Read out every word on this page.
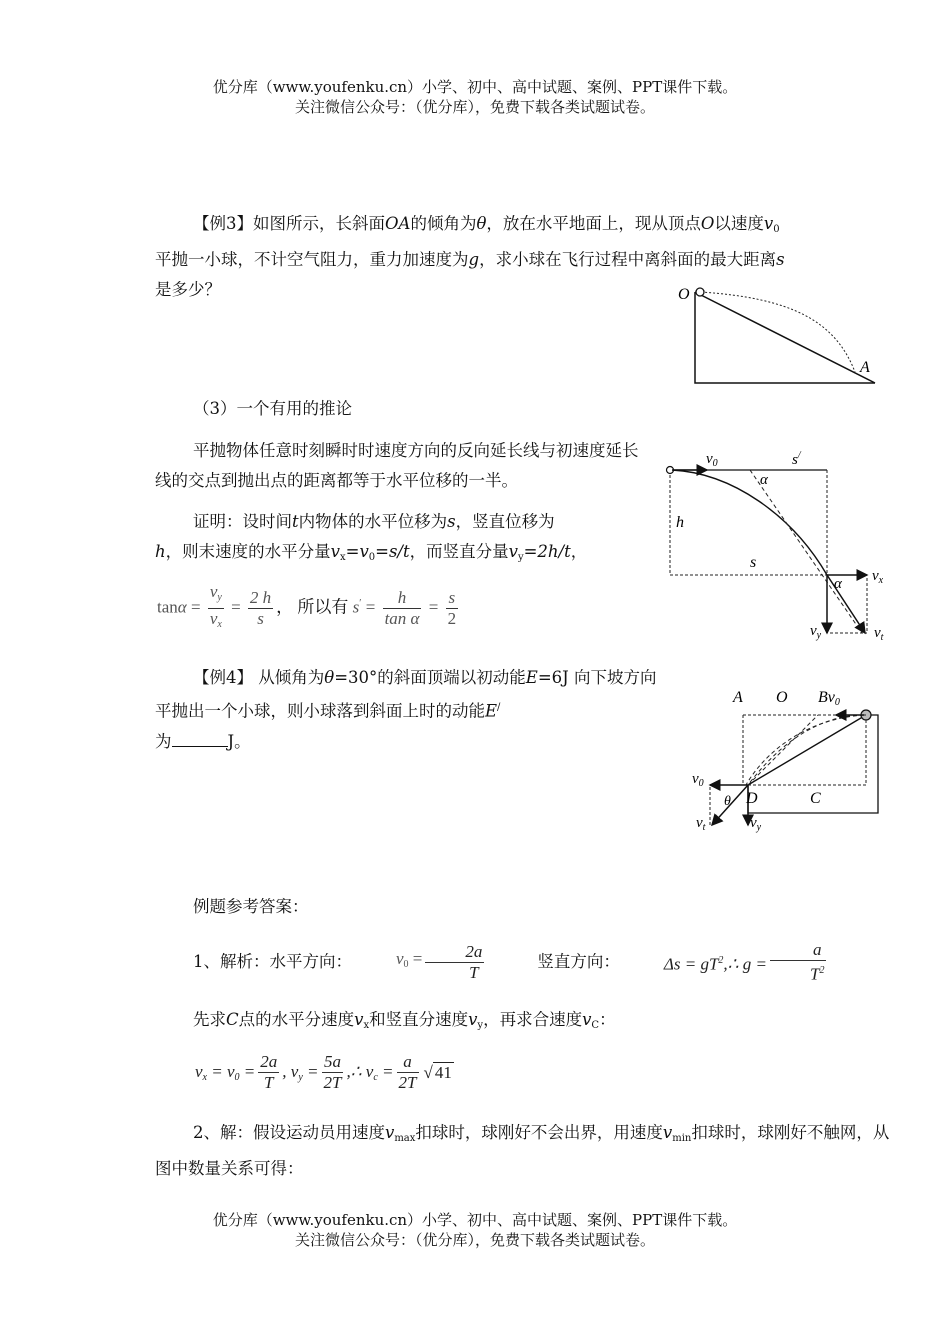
优分库（www.youfenku.cn）小学、初中、高中试题、案例、PPT课件下载。
关注微信公众号：（优分库），免费下载各类试题试卷。
【例3】如图所示，长斜面OA的倾角为θ，放在水平地面上，现从顶点O以速度$v_0$
平抛一小球，不计空气阻力，重力加速度为g，求小球在飞行过程中离斜面的最大距离s
是多少？	O
A
（3）一个有用的推论
平抛物体任意时刻瞬时时速度方向的反向延长线与初速度延长线的交点到抛出点的距离都等于水平位移的一半。
证明：设时间t内物体的水平位移为s，竖直位移为
h，则末速度的水平分量$v_x=v_0=s/t$，而竖直分量$v_y=2h/t$，
$\tan\alpha = \frac{v_y}{v_x} = \frac{2 h}{s}$ ， 所以有 $s' = \frac{h}{\text{tan α}} = \frac{s}{2}$
$v_0$	s/
α
h
s
α $v_x$
$v_y$	$v_t$
【例4】 从倾角为θ=30°的斜面顶端以初动能E=6J 向下坡方向平抛出一个小球，则小球落到斜面上时的动能E/
为	J。
A O Bv0
$v_0$
D	C
θ
$v_t$	$v_y$
例题参考答案：
1、解析：水平方向：	$v_0 = \frac{2a}{T}$	竖直方向：	$\Delta s = gT^2,\therefore$ $g = \frac{a}{T^2}$
先求C点的水平分速度$v_x$和竖直分速度$v_y$，再求合速度$v_C$：
$v_x = v_0 = \frac{2a}{T}$ , $v_y = \frac{5a}{2T}$ ,∴ $v_c = \frac{a}{2T}$ √ 41
2、解：假设运动员用速度$v_{max}$扣球时，球刚好不会出界，用速度$v_{min}$扣球时，球刚好不触网，从图中数量关系可得：
优分库（www.youfenku.cn）小学、初中、高中试题、案例、PPT课件下载。
关注微信公众号：（优分库），免费下载各类试题试卷。
